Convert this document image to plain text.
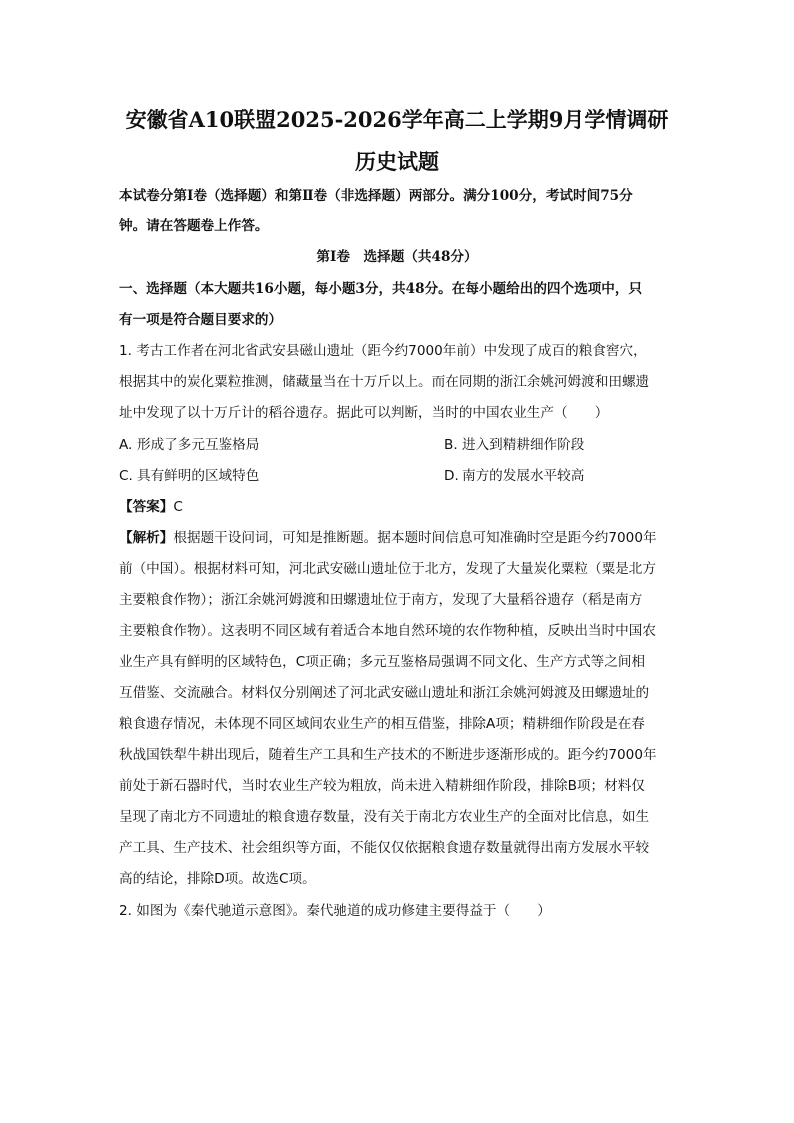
安徽省A10联盟2025-2026学年高二上学期9月学情调研
历史试题
本试卷分第Ⅰ卷（选择题）和第Ⅱ卷（非选择题）两部分。满分100分，考试时间75分
钟。请在答题卷上作答。
第Ⅰ卷　选择题（共48分）
一、选择题（本大题共16小题，每小题3分，共48分。在每小题给出的四个选项中，只
有一项是符合题目要求的）
1. 考古工作者在河北省武安县磁山遗址（距今约7000年前）中发现了成百的粮食窖穴，
根据其中的炭化粟粒推测，储藏量当在十万斤以上。而在同期的浙江余姚河姆渡和田螺遗
址中发现了以十万斤计的稻谷遗存。据此可以判断，当时的中国农业生产（　　）
A. 形成了多元互鉴格局	B. 进入到精耕细作阶段
C. 具有鲜明的区域特色	D. 南方的发展水平较高
【答案】C
【解析】根据题干设问词，可知是推断题。据本题时间信息可知准确时空是距今约7000年
前（中国）。根据材料可知，河北武安磁山遗址位于北方，发现了大量炭化粟粒（粟是北方
主要粮食作物）；浙江余姚河姆渡和田螺遗址位于南方，发现了大量稻谷遗存（稻是南方
主要粮食作物）。这表明不同区域有着适合本地自然环境的农作物种植，反映出当时中国农
业生产具有鲜明的区域特色，C项正确；多元互鉴格局强调不同文化、生产方式等之间相
互借鉴、交流融合。材料仅分别阐述了河北武安磁山遗址和浙江余姚河姆渡及田螺遗址的
粮食遗存情况，未体现不同区域间农业生产的相互借鉴，排除A项；精耕细作阶段是在春
秋战国铁犁牛耕出现后，随着生产工具和生产技术的不断进步逐渐形成的。距今约7000年
前处于新石器时代，当时农业生产较为粗放，尚未进入精耕细作阶段，排除B项；材料仅
呈现了南北方不同遗址的粮食遗存数量，没有关于南北方农业生产的全面对比信息，如生
产工具、生产技术、社会组织等方面，不能仅仅依据粮食遗存数量就得出南方发展水平较
高的结论，排除D项。故选C项。
2. 如图为《秦代驰道示意图》。秦代驰道的成功修建主要得益于（　　）
